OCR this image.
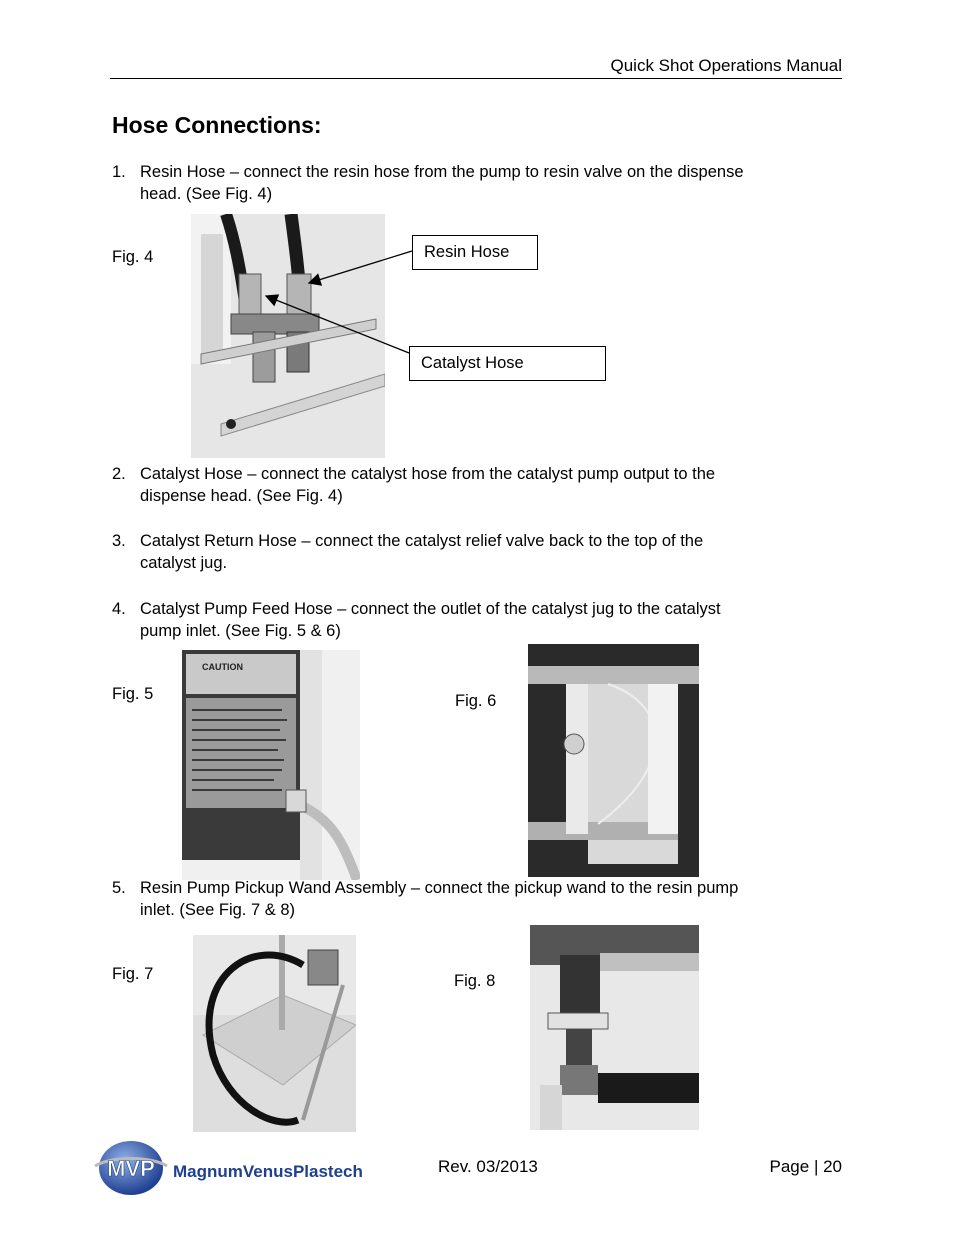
Quick Shot Operations Manual
Hose Connections:
1. Resin Hose – connect the resin hose from the pump to resin valve on the dispense
head. (See Fig. 4)
Fig. 4	Resin Hose
Catalyst Hose
2. Catalyst Hose – connect the catalyst hose from the catalyst pump output to the
dispense head. (See Fig. 4)
3. Catalyst Return Hose – connect the catalyst relief valve back to the top of the
catalyst jug.
4. Catalyst Pump Feed Hose – connect the outlet of the catalyst jug to the catalyst
pump inlet. (See Fig. 5 & 6)
Fig. 5
CAUTION
Fig. 6
5. Resin Pump Pickup Wand Assembly – connect the pickup wand to the resin pump
inlet. (See Fig. 7 & 8)
Fig. 7	Fig. 8
MVP MagnumVenusPlastech	Rev. 03/2013	Page | 20
